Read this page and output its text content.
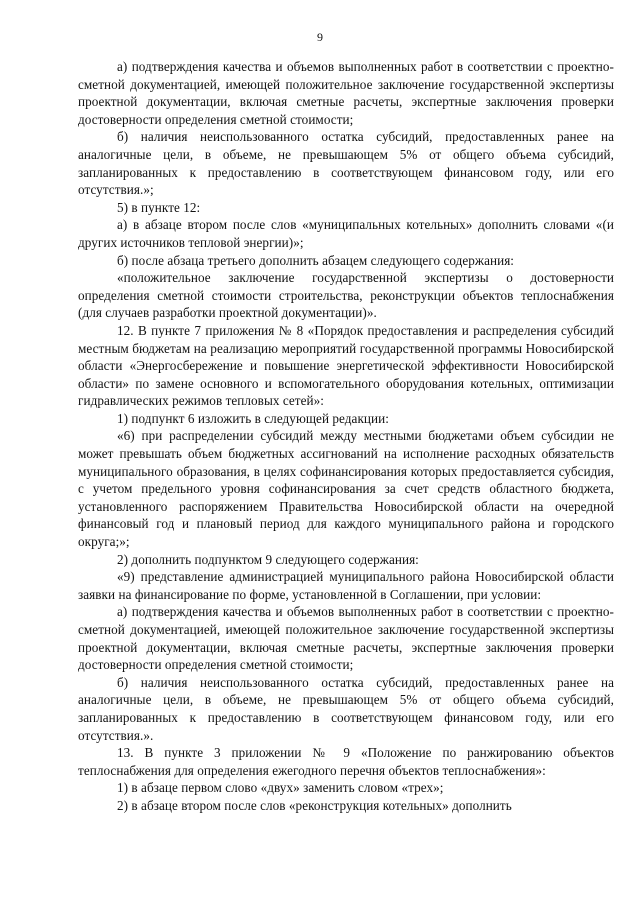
9

а) подтверждения качества и объемов выполненных работ в соответствии с проектно-сметной документацией, имеющей положительное заключение государственной экспертизы проектной документации, включая сметные расчеты, экспертные заключения проверки достоверности определения сметной стоимости;

б) наличия неиспользованного остатка субсидий, предоставленных ранее на аналогичные цели, в объеме, не превышающем 5% от общего объема субсидий, запланированных к предоставлению в соответствующем финансовом году, или его отсутствия.»;

5) в пункте 12:

а) в абзаце втором после слов «муниципальных котельных» дополнить словами «(и других источников тепловой энергии)»;

б) после абзаца третьего дополнить абзацем следующего содержания:

«положительное заключение государственной экспертизы о достоверности определения сметной стоимости строительства, реконструкции объектов теплоснабжения (для случаев разработки проектной документации)».

12. В пункте 7 приложения № 8 «Порядок предоставления и распределения субсидий местным бюджетам на реализацию мероприятий государственной программы Новосибирской области «Энергосбережение и повышение энергетической эффективности Новосибирской области» по замене основного и вспомогательного оборудования котельных, оптимизации гидравлических режимов тепловых сетей»:

1) подпункт 6 изложить в следующей редакции:

«6) при распределении субсидий между местными бюджетами объем субсидии не может превышать объем бюджетных ассигнований на исполнение расходных обязательств муниципального образования, в целях софинансирования которых предоставляется субсидия, с учетом предельного уровня софинансирования за счет средств областного бюджета, установленного распоряжением Правительства Новосибирской области на очередной финансовый год и плановый период для каждого муниципального района и городского округа;»;

2) дополнить подпунктом 9 следующего содержания:

«9) представление администрацией муниципального района Новосибирской области заявки на финансирование по форме, установленной в Соглашении, при условии:

а) подтверждения качества и объемов выполненных работ в соответствии с проектно-сметной документацией, имеющей положительное заключение государственной экспертизы проектной документации, включая сметные расчеты, экспертные заключения проверки достоверности определения сметной стоимости;

б) наличия неиспользованного остатка субсидий, предоставленных ранее на аналогичные цели, в объеме, не превышающем 5% от общего объема субсидий, запланированных к предоставлению в соответствующем финансовом году, или его отсутствия.».

13. В пункте 3 приложении № 9 «Положение по ранжированию объектов теплоснабжения для определения ежегодного перечня объектов теплоснабжения»:

1) в абзаце первом слово «двух» заменить словом «трех»;

2) в абзаце втором после слов «реконструкция котельных» дополнить
